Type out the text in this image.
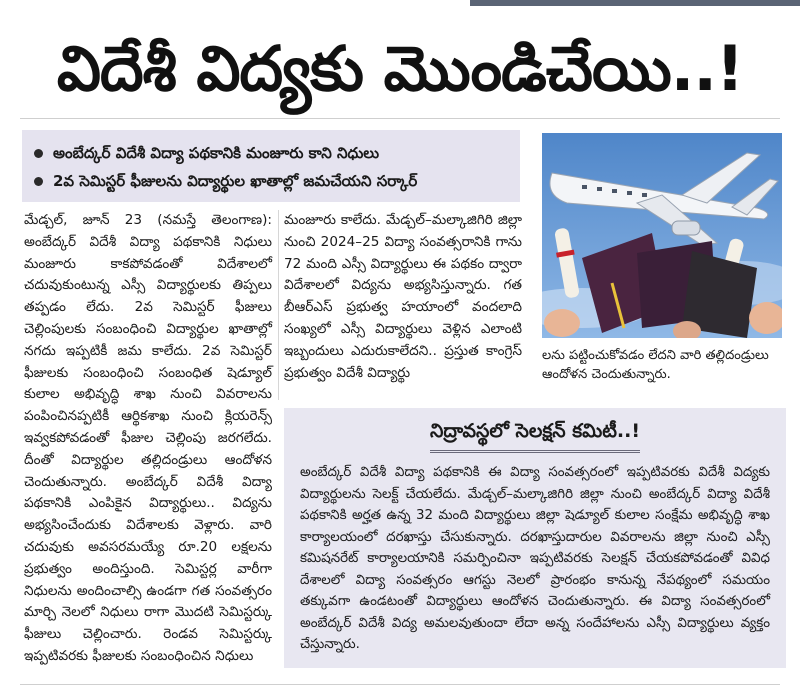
విదేశీ విద్యకు మొండిచేయి..!
అంబేద్కర్ విదేశీ విద్యా పథకానికి మంజూరు కాని నిధులు
2వ సెమిస్టర్ ఫీజులను విద్యార్థుల ఖాతాల్లో జమచేయని సర్కార్

మేడ్చల్, జూన్ 23 (నమస్తే తెలంగాణ): అంబేద్కర్ విదేశీ విద్యా పథకానికి నిధులు మంజూరు కాకపోవడంతో విదేశాలలో చదువుకుంటున్న ఎస్సీ విద్యార్థులకు తిప్పలు తప్పడం లేదు. 2వ సెమిస్టర్ ఫీజులు చెల్లింపులకు సంబంధించి విద్యార్థుల ఖాతాల్లో నగదు ఇప్పటికీ జమ కాలేదు. 2వ సెమిస్టర్ ఫీజులకు సంబంధించి సంబంధిత షెడ్యూల్ కులాల అభివృద్ధి శాఖ నుంచి వివరాలను పంపించినప్పటికీ ఆర్థికశాఖ నుంచి క్లియరెన్స్ ఇవ్వకపోవడంతో ఫీజుల చెల్లింపు జరగలేదు. దీంతో విద్యార్థుల తల్లిదండ్రులు ఆందోళన చెందుతున్నారు. అంబేద్కర్ విదేశీ విద్యా పథకానికి ఎంపికైన విద్యార్థులు.. విద్యను అభ్యసించేందుకు విదేశాలకు వెళ్లారు. వారి చదువుకు అవసరమయ్యే రూ.20 లక్షలను ప్రభుత్వం అందిస్తుంది. సెమిస్టర్ల వారీగా నిధులను అందించాల్సి ఉండగా గత సంవత్సరం మార్చి నెలలో నిధులు రాగా మొదటి సెమిస్టర్కు ఫీజులు చెల్లించారు. రెండవ సెమిస్టర్కు ఇప్పటివరకు ఫీజులకు సంబంధించిన నిధులు

మంజూరు కాలేదు. మేడ్చల్–మల్కాజిగిరి జిల్లా నుంచి 2024–25 విద్యా సంవత్సరానికి గాను 72 మంది ఎస్సీ విద్యార్థులు ఈ పథకం ద్వారా విదేశాలలో విద్యను అభ్యసిస్తున్నారు. గత బీఆర్ఎస్ ప్రభుత్వ హయాంలో వందలాది సంఖ్యలో ఎస్సీ విద్యార్థులు వెళ్లిన ఎలాంటి ఇబ్బందులు ఎదురుకాలేదని.. ప్రస్తుత కాంగ్రెస్ ప్రభుత్వం విదేశీ విద్యార్థు

లను పట్టించుకోవడం లేదని వారి తల్లిదండ్రులు ఆందోళన చెందుతున్నారు.
నిద్రావస్థలో సెలక్షన్ కమిటీ..!
అంబేద్కర్ విదేశీ విద్యా పథకానికి ఈ విద్యా సంవత్సరంలో ఇప్పటివరకు విదేశీ విద్యకు విద్యార్థులను సెలక్ట్ చేయలేదు. మేడ్చల్–మల్కాజిగిరి జిల్లా నుంచి అంబేద్కర్ విద్యా విదేశీ పథకానికి అర్హత ఉన్న 32 మంది విద్యార్థులు జిల్లా షెడ్యూల్ కులాల సంక్షేమ అభివృద్ధి శాఖ కార్యాలయంలో దరఖాస్తు చేసుకున్నారు. దరఖాస్తుదారుల వివరాలను జిల్లా నుంచి ఎస్సీ కమిషనరేట్ కార్యాలయానికి సమర్పించినా ఇప్పటివరకు సెలక్షన్ చేయకపోవడంతో వివిధ దేశాలలో విద్యా సంవత్సరం ఆగస్టు నెలలో ప్రారంభం కానున్న నేపథ్యంలో సమయం తక్కువగా ఉండటంతో విద్యార్థులు ఆందోళన చెందుతున్నారు. ఈ విద్యా సంవత్సరంలో అంబేద్కర్ విదేశీ విద్య అమలవుతుందా లేదా అన్న సందేహాలను ఎస్సీ విద్యార్థులు వ్యక్తం చేస్తున్నారు.
